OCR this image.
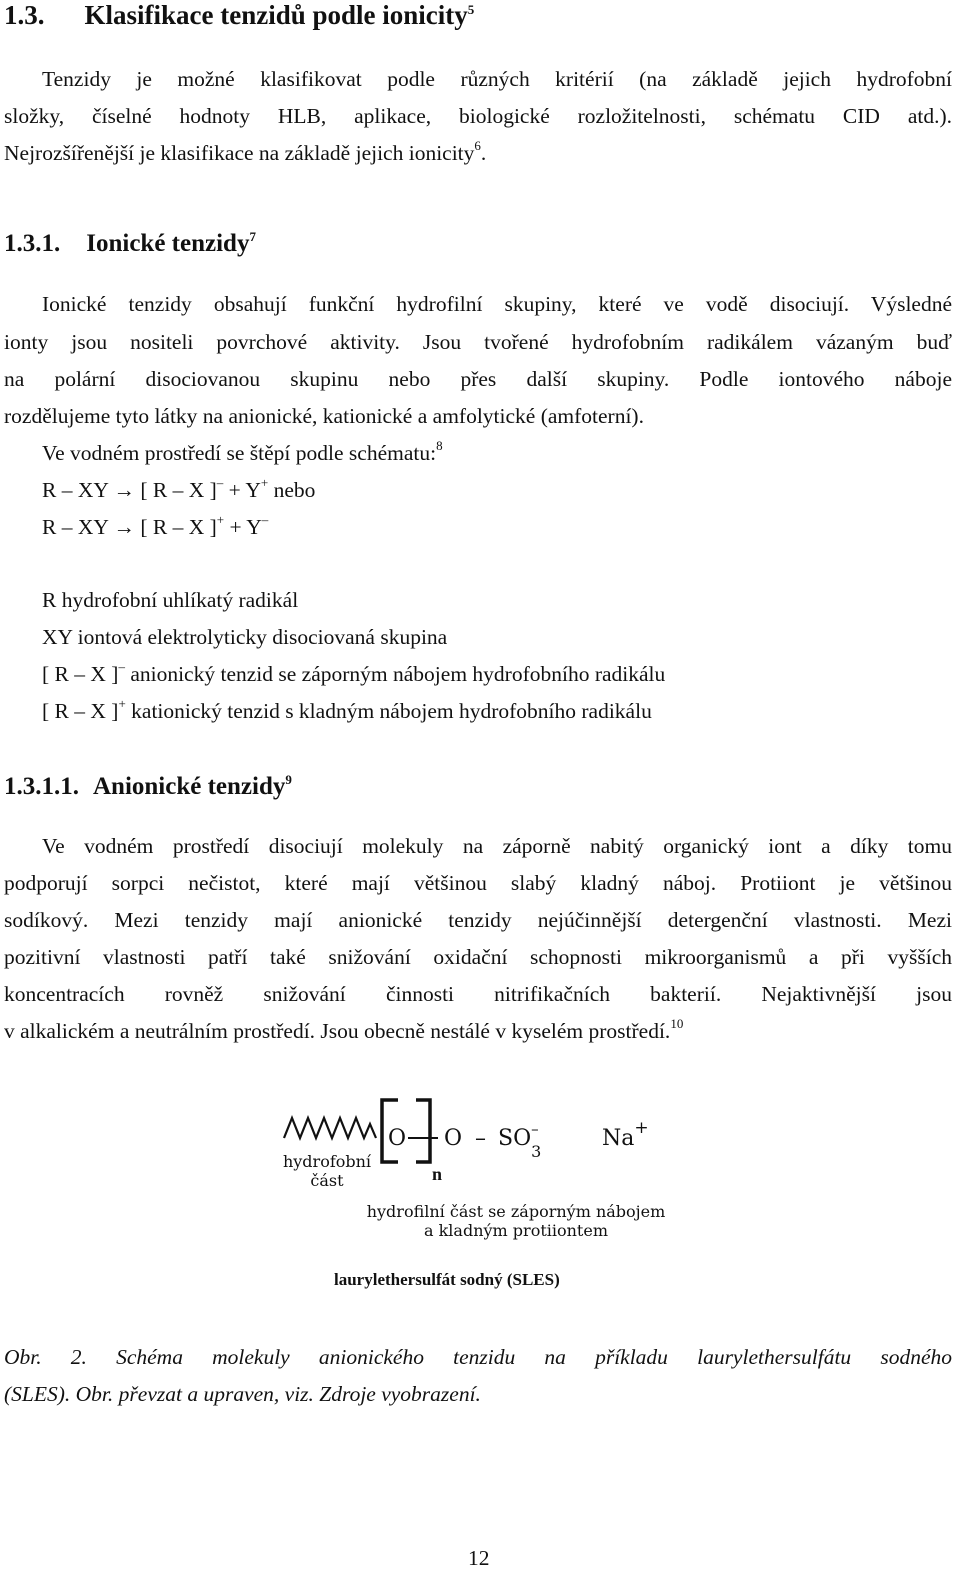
1.3. Klasifikace tenzidů podle ionicity$^5$
Tenzidy je možné klasifikovat podle různých kritérií (na základě jejich hydrofobní
složky, číselné hodnoty HLB, aplikace, biologické rozložitelnosti, schématu CID atd.).
Nejrozšířenější je klasifikace na základě jejich ionicity$^6$.
1.3.1. Ionické tenzidy$^7$
Ionické tenzidy obsahují funkční hydrofilní skupiny, které ve vodě disociují. Výsledné
ionty jsou nositeli povrchové aktivity. Jsou tvořené hydrofobním radikálem vázaným buď
na polární disociovanou skupinu nebo přes další skupiny. Podle iontového náboje
rozdělujeme tyto látky na anionické, kationické a amfolytické (amfoterní).
Ve vodném prostředí se štěpí podle schématu:$^8$
R – XY → [ R – X ]– + Y+ nebo
R – XY → [ R – X ]+ + Y–
R hydrofobní uhlíkatý radikál
XY iontová elektrolyticky disociovaná skupina
[ R – X ]– anionický tenzid se záporným nábojem hydrofobního radikálu
[ R – X ]+ kationický tenzid s kladným nábojem hydrofobního radikálu
1.3.1.1. Anionické tenzidy$^9$
Ve vodném prostředí disociují molekuly na záporně nabitý organický iont a díky tomu
podporují sorpci nečistot, které mají většinou slabý kladný náboj. Protiiont je většinou
sodíkový. Mezi tenzidy mají anionické tenzidy nejúčinnější detergenční vlastnosti. Mezi
pozitivní vlastnosti patří také snižování oxidační schopnosti mikroorganismů a při vyšších
koncentracích rovněž snižování činnosti nitrifikačních bakterií. Nejaktivnější jsou
v alkalickém a neutrálním prostředí. Jsou obecně nestálé v kyselém prostředí.$^{10}$
O O – SO –
3
Na+
n
hydrofobní
část
hydrofilní část se záporným nábojem
a kladným protiiontem
laurylethersulfát sodný (SLES)
Obr. 2. Schéma molekuly anionického tenzidu na příkladu laurylethersulfátu sodného
(SLES). Obr. převzat a upraven, viz. Zdroje vyobrazení.
12
